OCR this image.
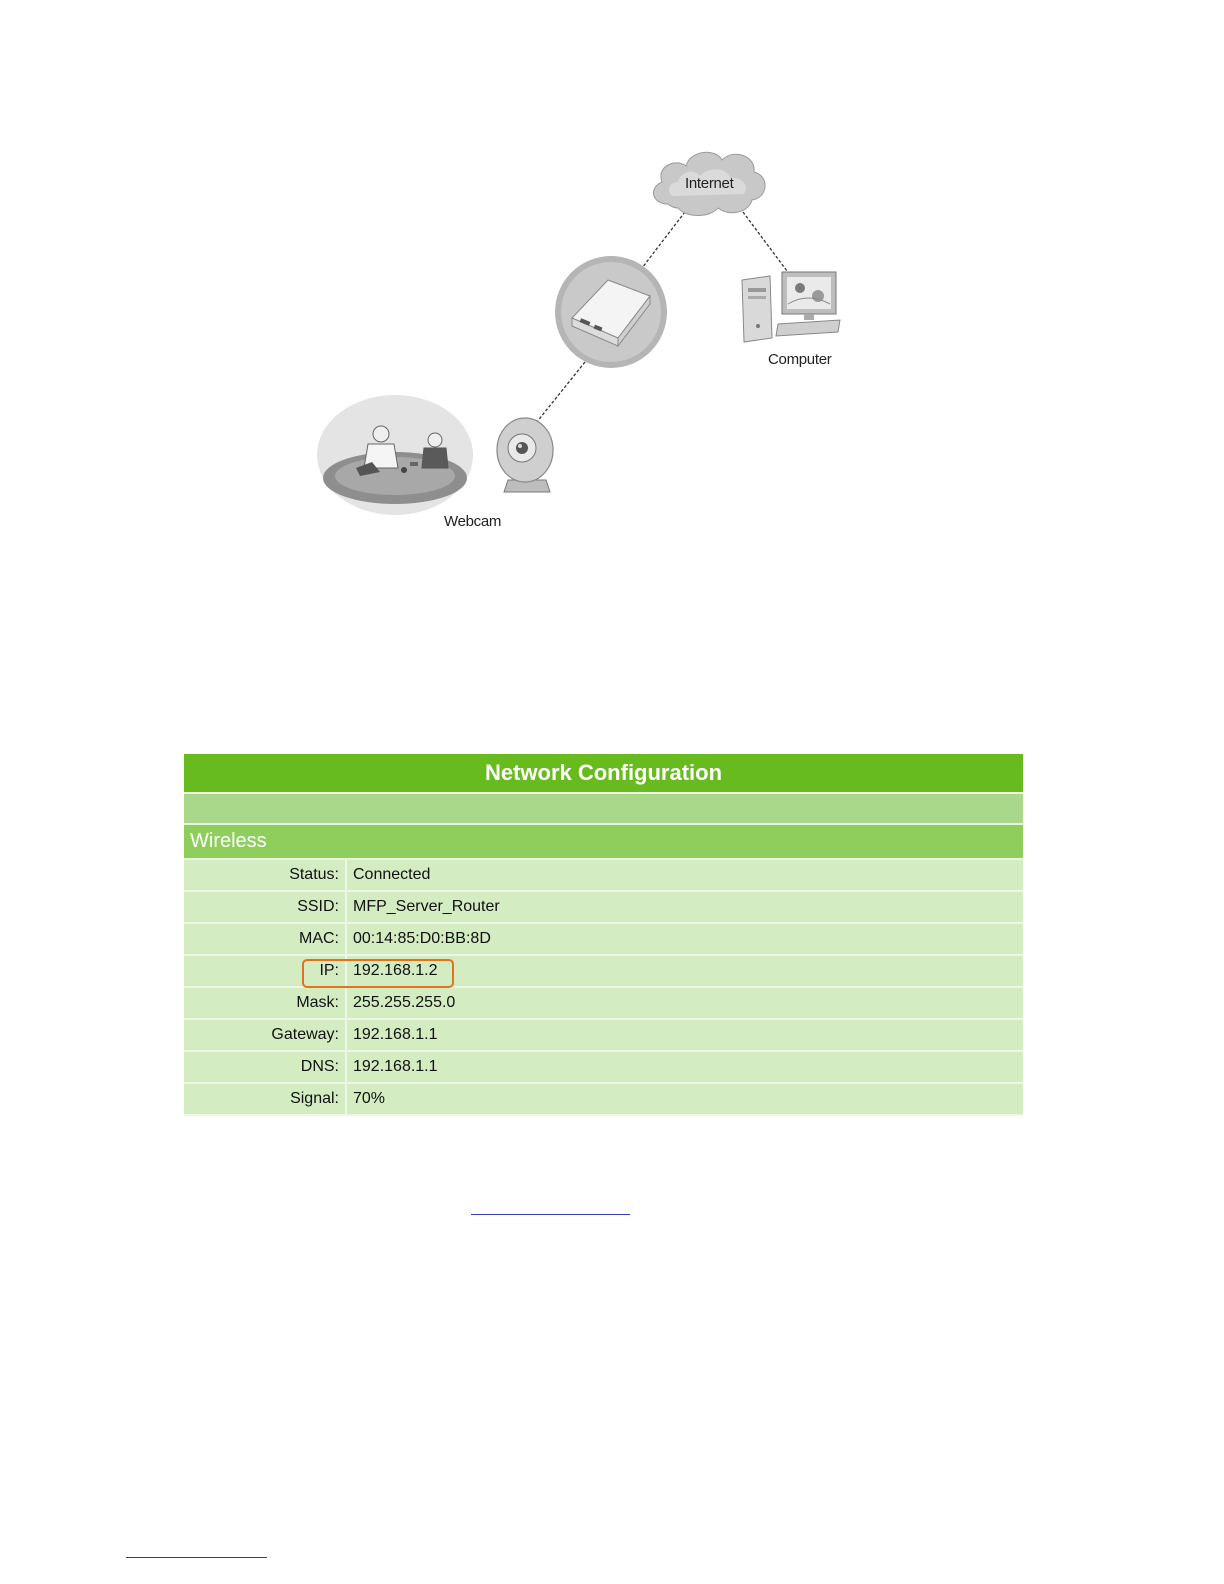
Internet
Computer
Webcam
Network Configuration
Wireless
Status: Connected
SSID: MFP_Server_Router
MAC: 00:14:85:D0:BB:8D
IP: 192.168.1.2
Mask: 255.255.255.0
Gateway: 192.168.1.1
DNS: 192.168.1.1
Signal: 70%
